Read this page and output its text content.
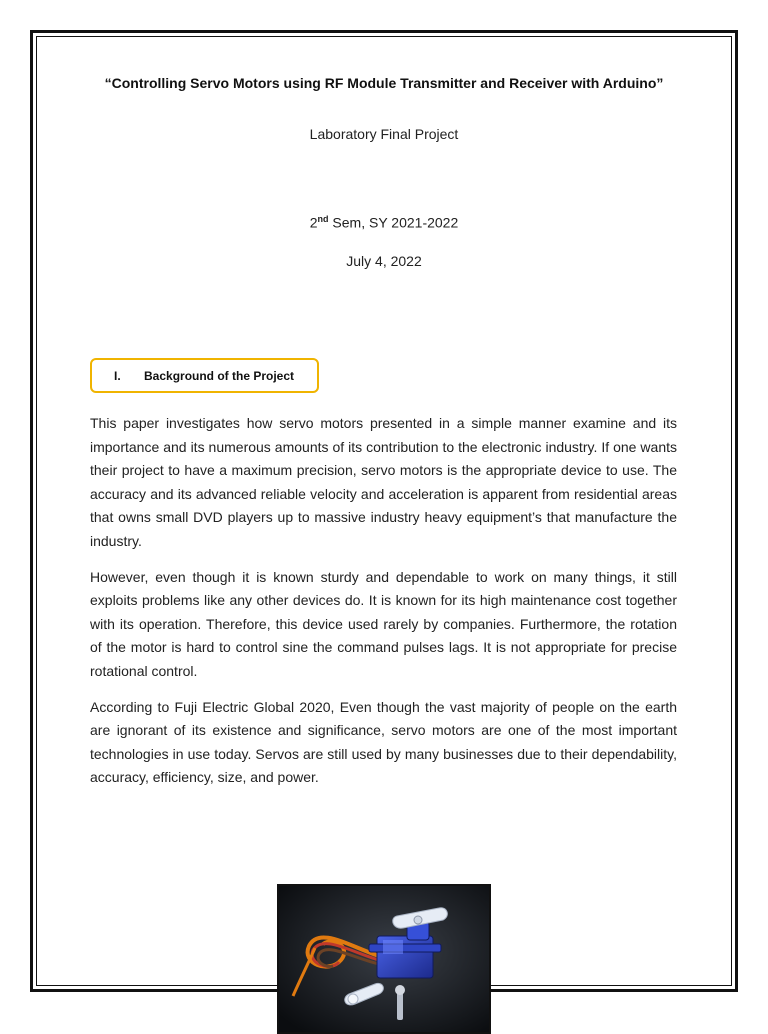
“Controlling Servo Motors using RF Module Transmitter and Receiver with Arduino”
Laboratory Final Project
2nd Sem, SY 2021-2022
July 4, 2022
I.	Background of the Project

This paper investigates how servo motors presented in a simple manner examine and its importance and its numerous amounts of its contribution to the electronic industry. If one wants their project to have a maximum precision, servo motors is the appropriate device to use. The accuracy and its advanced reliable velocity and acceleration is apparent from residential areas that owns small DVD players up to massive industry heavy equipment’s that manufacture the industry.

However, even though it is known sturdy and dependable to work on many things, it still exploits problems like any other devices do. It is known for its high maintenance cost together with its operation. Therefore, this device used rarely by companies. Furthermore, the rotation of the motor is hard to control sine the command pulses lags. It is not appropriate for precise rotational control.

According to Fuji Electric Global 2020, Even though the vast majority of people on the earth are ignorant of its existence and significance, servo motors are one of the most important technologies in use today. Servos are still used by many businesses due to their dependability, accuracy, efficiency, size, and power.
